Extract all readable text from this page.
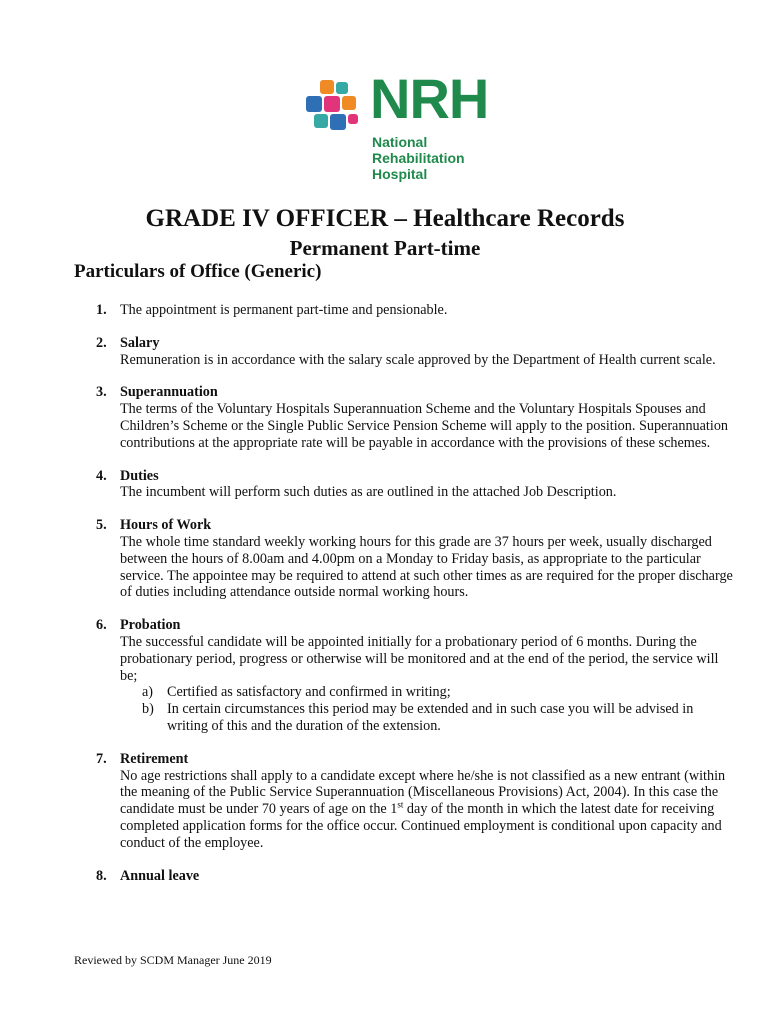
NRH
National
Rehabilitation
Hospital
GRADE IV OFFICER – Healthcare Records
Permanent Part-time
Particulars of Office (Generic)
1. The appointment is permanent part-time and pensionable.
2. Salary
Remuneration is in accordance with the salary scale approved by the Department of Health current scale.
3. Superannuation
The terms of the Voluntary Hospitals Superannuation Scheme and the Voluntary Hospitals Spouses and Children’s Scheme or the Single Public Service Pension Scheme will apply to the position. Superannuation contributions at the appropriate rate will be payable in accordance with the provisions of these schemes.
4. Duties
The incumbent will perform such duties as are outlined in the attached Job Description.
5. Hours of Work
The whole time standard weekly working hours for this grade are 37 hours per week, usually discharged between the hours of 8.00am and 4.00pm on a Monday to Friday basis, as appropriate to the particular service. The appointee may be required to attend at such other times as are required for the proper discharge of duties including attendance outside normal working hours.
6. Probation
The successful candidate will be appointed initially for a probationary period of 6 months. During the probationary period, progress or otherwise will be monitored and at the end of the period, the service will be;
a) Certified as satisfactory and confirmed in writing;
b) In certain circumstances this period may be extended and in such case you will be advised in writing of this and the duration of the extension.
7. Retirement
No age restrictions shall apply to a candidate except where he/she is not classified as a new entrant (within the meaning of the Public Service Superannuation (Miscellaneous Provisions) Act, 2004). In this case the candidate must be under 70 years of age on the 1st day of the month in which the latest date for receiving completed application forms for the office occur. Continued employment is conditional upon capacity and conduct of the employee.
8. Annual leave
Reviewed by SCDM Manager June 2019
